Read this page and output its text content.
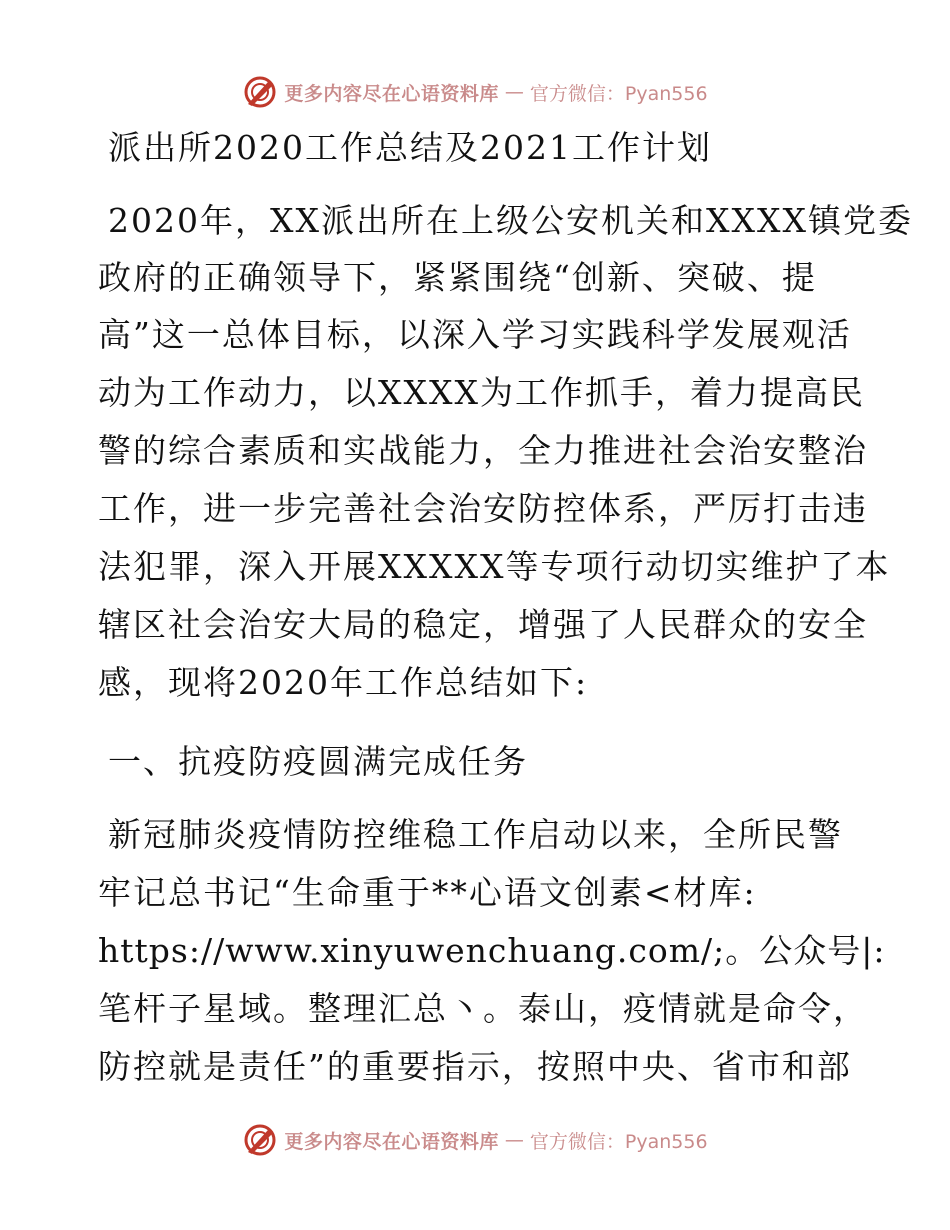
更多内容尽在心语资料库 — 官方微信：Pyan556
派出所2020工作总结及2021工作计划
2020年，XX派出所在上级公安机关和XXXX镇党委
政府的正确领导下，紧紧围绕“创新、突破、提
高”这一总体目标，以深入学习实践科学发展观活
动为工作动力，以XXXX为工作抓手，着力提高民
警的综合素质和实战能力，全力推进社会治安整治
工作，进一步完善社会治安防控体系，严厉打击违
法犯罪，深入开展XXXXX等专项行动切实维护了本
辖区社会治安大局的稳定，增强了人民群众的安全
感，现将2020年工作总结如下:
一、抗疫防疫圆满完成任务
新冠肺炎疫情防控维稳工作启动以来，全所民警
牢记总书记“生命重于**心语文创素<材库:
https://www.xinyuwenchuang.com/;。公众号|:
笔杆子星域。整理汇总丶。泰山，疫情就是命令，
防控就是责任”的重要指示，按照中央、省市和部
更多内容尽在心语资料库 — 官方微信：Pyan556
